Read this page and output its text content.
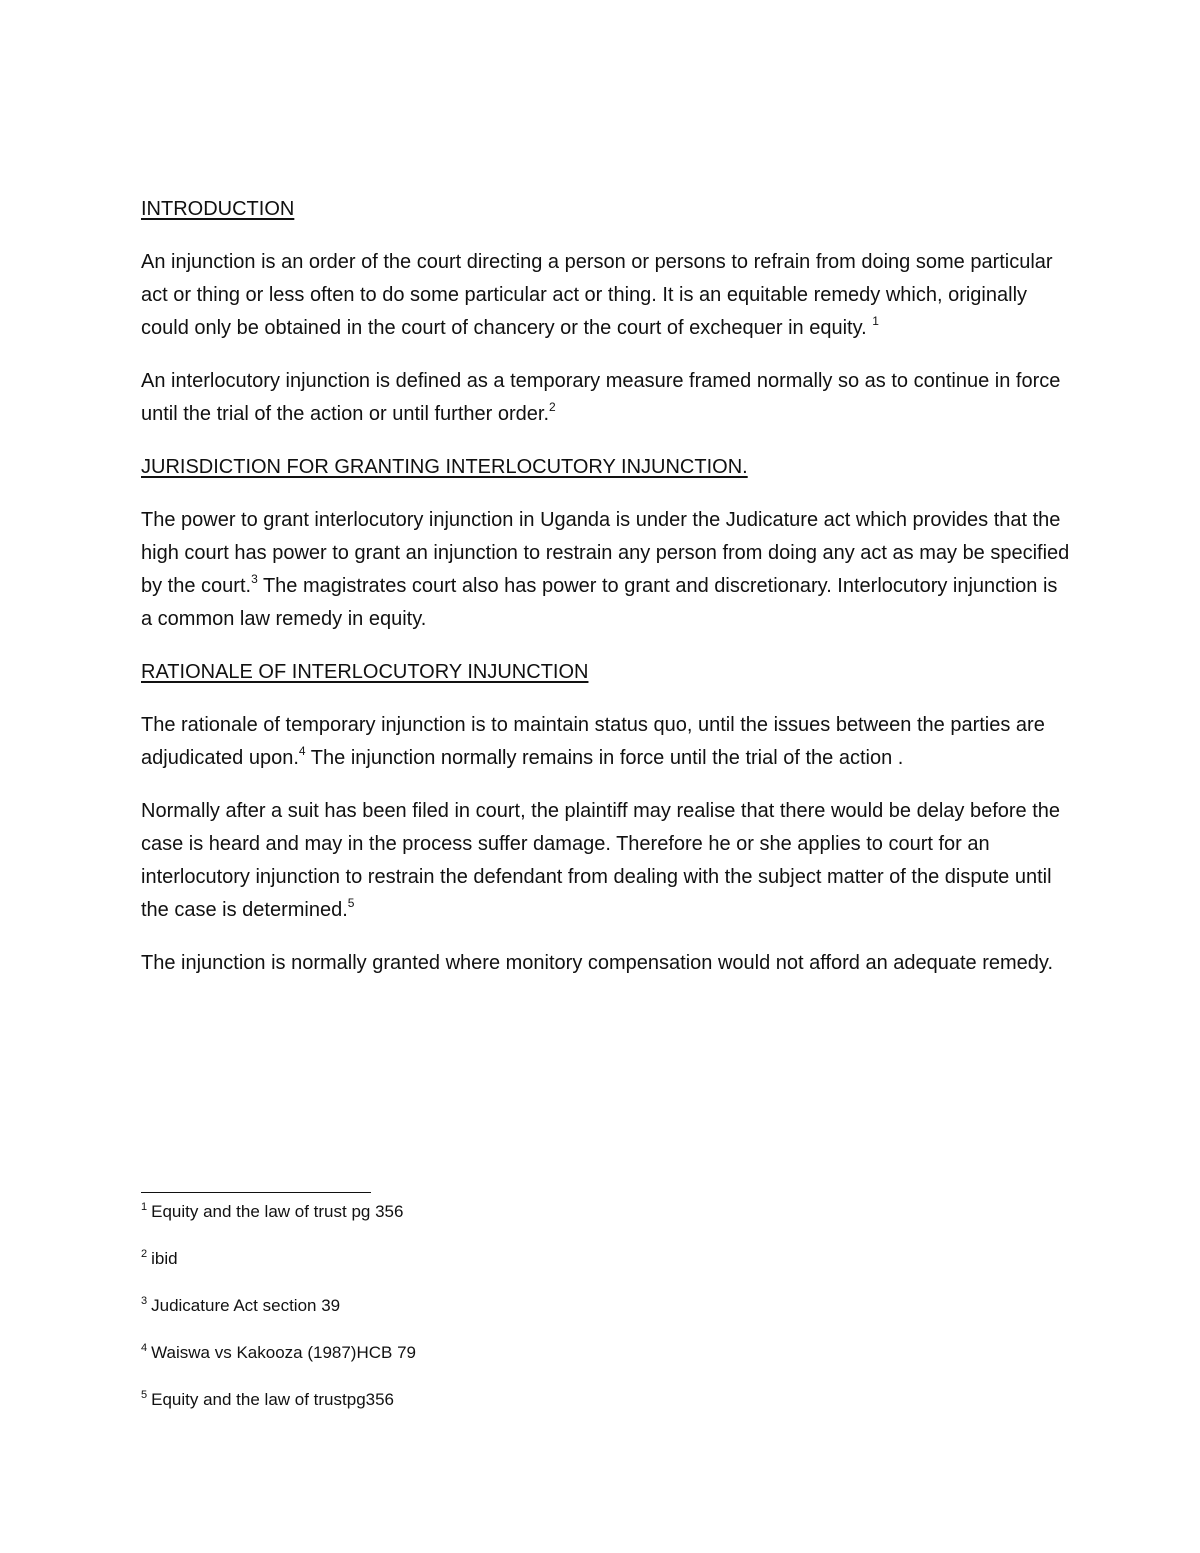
INTRODUCTION

An injunction is an order of the court directing a person or persons to refrain from doing some particular act or thing or less often to do some particular act or thing. It is an equitable remedy which, originally could only be obtained in the court of chancery or the court of exchequer in equity. $^1$

An interlocutory injunction is defined as a temporary measure framed normally so as to continue in force until the trial of the action or until further order.$^2$

JURISDICTION FOR GRANTING INTERLOCUTORY INJUNCTION.

The power to grant interlocutory injunction in Uganda is under the Judicature act which provides that the high court has power to grant an injunction to restrain any person from doing any act as may be specified by the court.$^3$ The magistrates court also has power to grant and discretionary. Interlocutory injunction is a common law remedy in equity.

RATIONALE OF INTERLOCUTORY INJUNCTION

The rationale of temporary injunction is to maintain status quo, until the issues between the parties are adjudicated upon.$^4$ The injunction normally remains in force until the trial of the action .

Normally after a suit has been filed in court, the plaintiff may realise that there would be delay before the case is heard and may in the process suffer damage. Therefore he or she applies to court for an interlocutory injunction to restrain the defendant from dealing with the subject matter of the dispute until the case is determined.$^5$

The injunction is normally granted where monitory compensation would not afford an adequate remedy.

$^1$ Equity and the law of trust pg 356

$^2$ ibid

$^3$ Judicature Act section 39

$^4$ Waiswa vs Kakooza (1987)HCB 79

$^5$ Equity and the law of trustpg356
